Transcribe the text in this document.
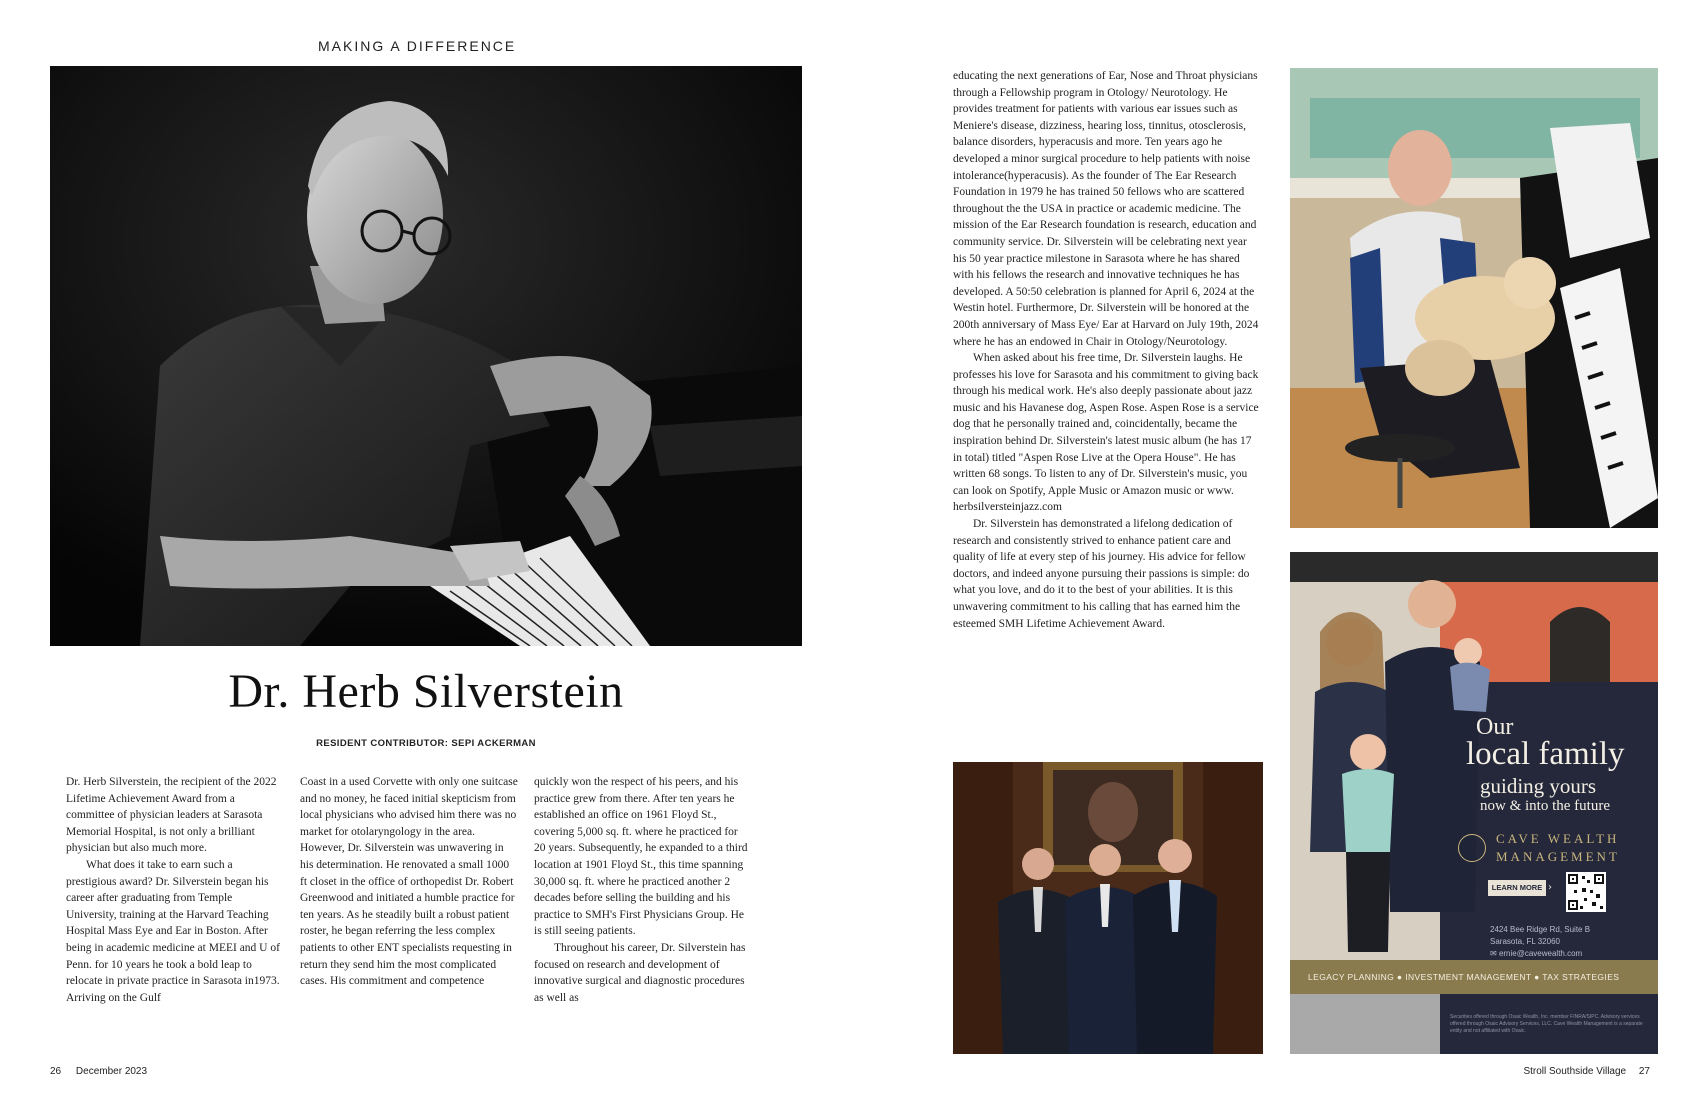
MAKING A DIFFERENCE
Dr. Herb Silverstein
RESIDENT CONTRIBUTOR: SEPI ACKERMAN

Dr. Herb Silverstein, the recipient of the 2022 Lifetime Achievement Award from a committee of physician leaders at Sarasota Memorial Hospital, is not only a brilliant physician but also much more.

What does it take to earn such a prestigious award? Dr. Silverstein began his career after graduating from Temple University, training at the Harvard Teaching Hospital Mass Eye and Ear in Boston. After being in academic medicine at MEEI and U of Penn. for 10 years he took a bold leap to relocate in private practice in Sarasota in1973. Arriving on the Gulf

Coast in a used Corvette with only one suitcase and no money, he faced initial skepticism from local physicians who advised him there was no market for otolaryngology in the area. However, Dr. Silverstein was unwavering in his determination. He renovated a small 1000 ft closet in the office of orthopedist Dr. Robert Greenwood and initiated a humble practice for ten years. As he steadily built a robust patient roster, he began referring the less complex patients to other ENT specialists requesting in return they send him the most complicated cases. His commitment and competence

quickly won the respect of his peers, and his practice grew from there. After ten years he established an office on 1961 Floyd St., covering 5,000 sq. ft. where he practiced for 20 years. Subsequently, he expanded to a third location at 1901 Floyd St., this time spanning 30,000 sq. ft. where he practiced another 2 decades before selling the building and his practice to SMH's First Physicians Group. He is still seeing patients.

Throughout his career, Dr. Silverstein has focused on research and development of innovative surgical and diagnostic procedures as well as

educating the next generations of Ear, Nose and Throat physicians through a Fellowship program in Otology/ Neurotology. He provides treatment for patients with various ear issues such as Meniere's disease, dizziness, hearing loss, tinnitus, otosclerosis, balance disorders, hyperacusis and more. Ten years ago he developed a minor surgical procedure to help patients with noise intolerance(hyperacusis). As the founder of The Ear Research Foundation in 1979 he has trained 50 fellows who are scattered throughout the the USA in practice or academic medicine. The mission of the Ear Research foundation is research, education and community service. Dr. Silverstein will be celebrating next year his 50 year practice milestone in Sarasota where he has shared with his fellows the research and innovative techniques he has developed. A 50:50 celebration is planned for April 6, 2024 at the Westin hotel. Furthermore, Dr. Silverstein will be honored at the 200th anniversary of Mass Eye/ Ear at Harvard on July 19th, 2024 where he has an endowed in Chair in Otology/Neurotology.

When asked about his free time, Dr. Silverstein laughs. He professes his love for Sarasota and his commitment to giving back through his medical work. He's also deeply passionate about jazz music and his Havanese dog, Aspen Rose. Aspen Rose is a service dog that he personally trained and, coincidentally, became the inspiration behind Dr. Silverstein's latest music album (he has 17 in total) titled "Aspen Rose Live at the Opera House". He has written 68 songs. To listen to any of Dr. Silverstein's music, you can look on Spotify, Apple Music or Amazon music or www. herbsilversteinjazz.com

Dr. Silverstein has demonstrated a lifelong dedication of research and consistently strived to enhance patient care and quality of life at every step of his journey. His advice for fellow doctors, and indeed anyone pursuing their passions is simple: do what you love, and do it to the best of your abilities. It is this unwavering commitment to his calling that has earned him the esteemed SMH Lifetime Achievement Award.

Our
local family
guiding yours
now & into the future
CAVE WEALTH
MANAGEMENT
LEARN MORE ›
2424 Bee Ridge Rd, Suite B
Sarasota, FL 32060
✉ ernie@cavewealth.com
LEGACY PLANNING ● INVESTMENT MANAGEMENT ● TAX STRATEGIES
Securities offered through Osaic Wealth, Inc. member FINRA/SIPC. Advisory services offered through Osaic Advisory Services, LLC. Cave Wealth Management is a separate entity and not affiliated with Osaic.
26 December 2023	Stroll Southside Village 27
